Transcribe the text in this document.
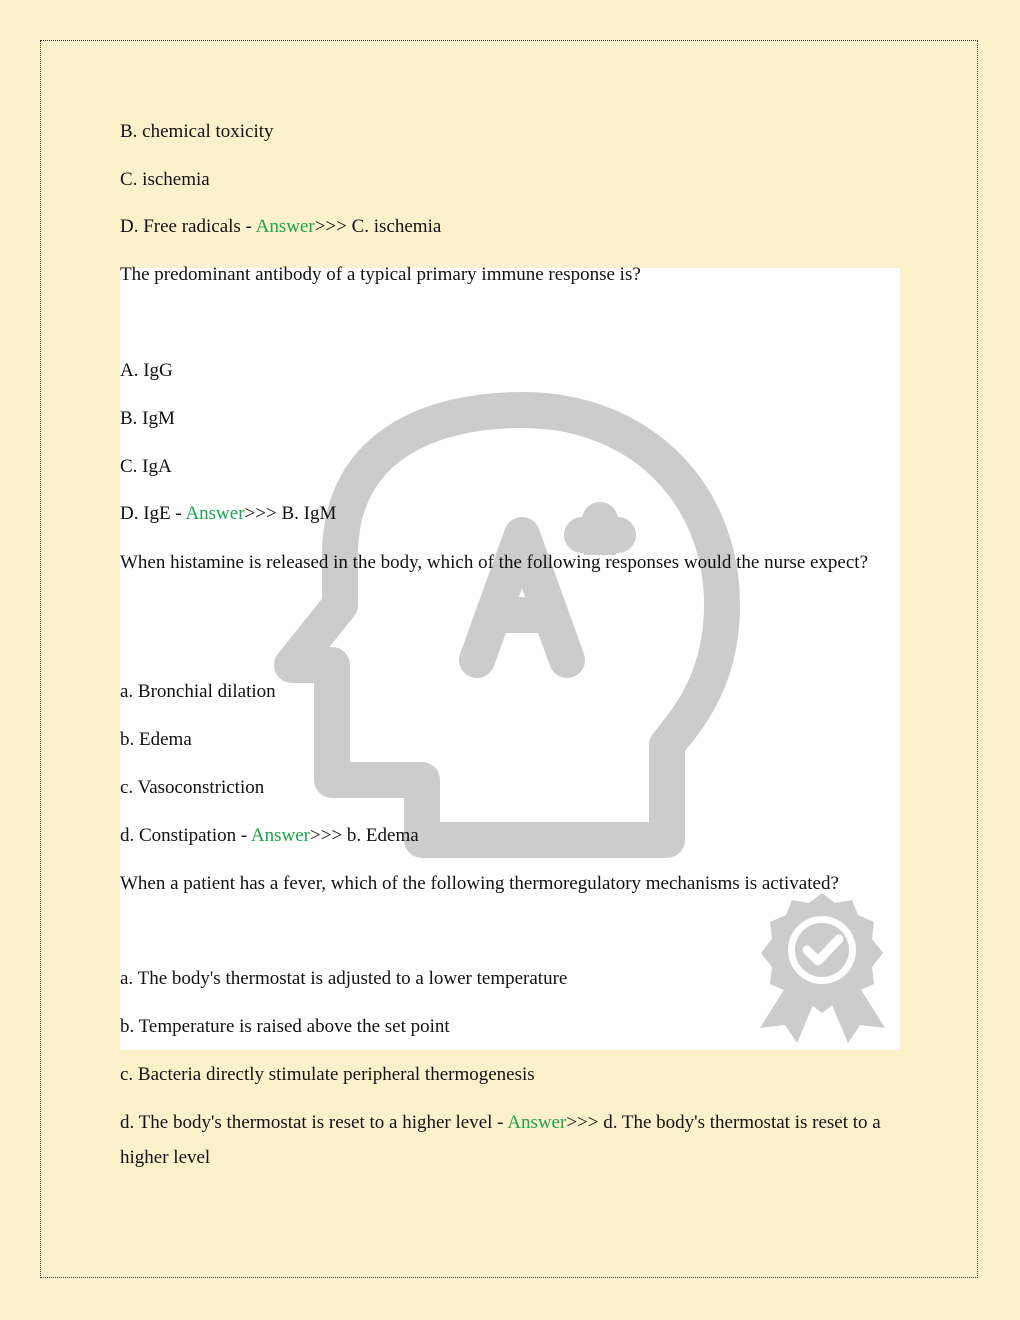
B. chemical toxicity

C. ischemia

D. Free radicals - Answer>>> C. ischemia

The predominant antibody of a typical primary immune response is?

A. IgG

B. IgM

C. IgA

D. IgE - Answer>>> B. IgM

When histamine is released in the body, which of the following responses would the nurse expect?

a. Bronchial dilation

b. Edema

c. Vasoconstriction

d. Constipation - Answer>>> b. Edema

When a patient has a fever, which of the following thermoregulatory mechanisms is activated?

a. The body's thermostat is adjusted to a lower temperature

b. Temperature is raised above the set point

c. Bacteria directly stimulate peripheral thermogenesis

d. The body's thermostat is reset to a higher level - Answer>>> d. The body's thermostat is reset to a higher level
